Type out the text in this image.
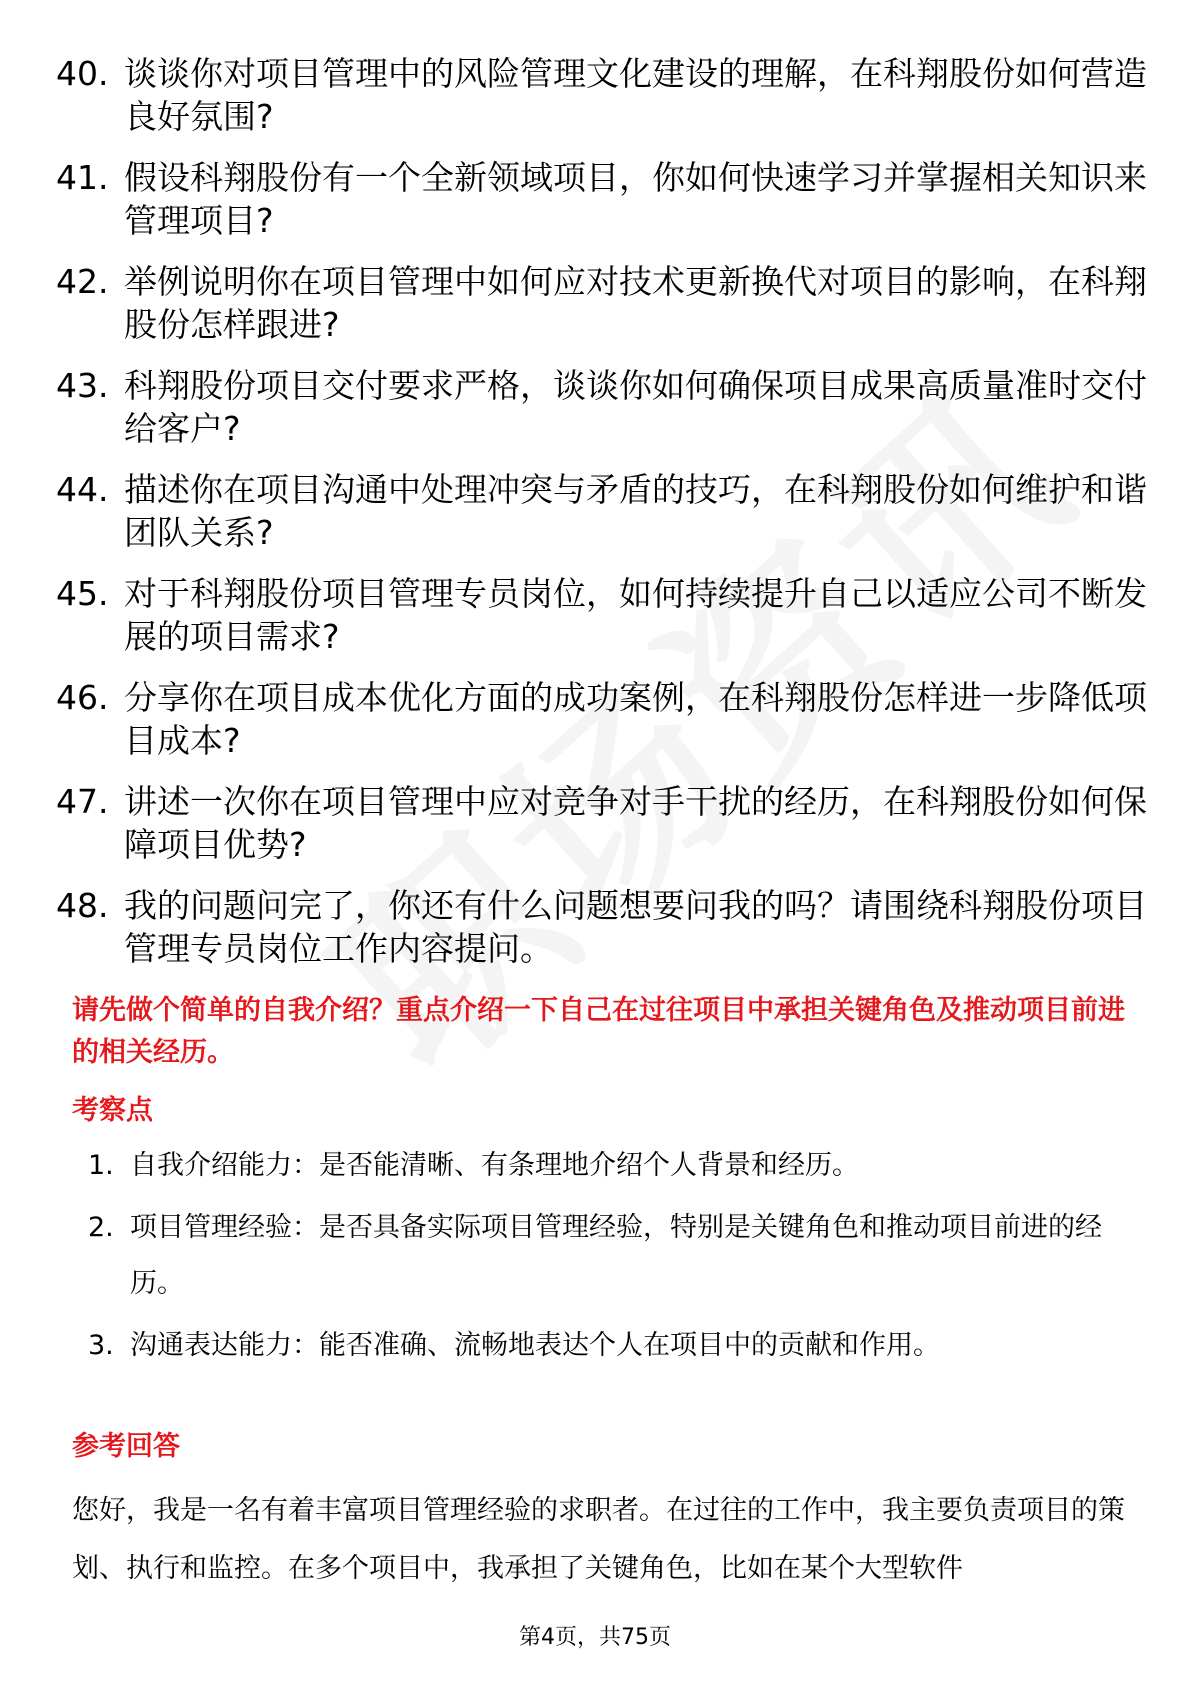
40. 谈谈你对项目管理中的风险管理文化建设的理解，在科翔股份如何营造良好氛围?
41. 假设科翔股份有一个全新领域项目，你如何快速学习并掌握相关知识来管理项目?
42. 举例说明你在项目管理中如何应对技术更新换代对项目的影响，在科翔股份怎样跟进?
43. 科翔股份项目交付要求严格，谈谈你如何确保项目成果高质量准时交付给客户?
44. 描述你在项目沟通中处理冲突与矛盾的技巧，在科翔股份如何维护和谐团队关系?
45. 对于科翔股份项目管理专员岗位，如何持续提升自己以适应公司不断发展的项目需求?
46. 分享你在项目成本优化方面的成功案例，在科翔股份怎样进一步降低项目成本?
47. 讲述一次你在项目管理中应对竞争对手干扰的经历，在科翔股份如何保障项目优势?
48. 我的问题问完了，你还有什么问题想要问我的吗？请围绕科翔股份项目管理专员岗位工作内容提问。
请先做个简单的自我介绍？重点介绍一下自己在过往项目中承担关键角色及推动项目前进的相关经历。
考察点
1. 自我介绍能力：是否能清晰、有条理地介绍个人背景和经历。
2. 项目管理经验：是否具备实际项目管理经验，特别是关键角色和推动项目前进的经历。
3. 沟通表达能力：能否准确、流畅地表达个人在项目中的贡献和作用。
参考回答

您好，我是一名有着丰富项目管理经验的求职者。在过往的工作中，我主要负责项目的策划、执行和监控。在多个项目中，我承担了关键角色，比如在某个大型软件

第4页，共75页
